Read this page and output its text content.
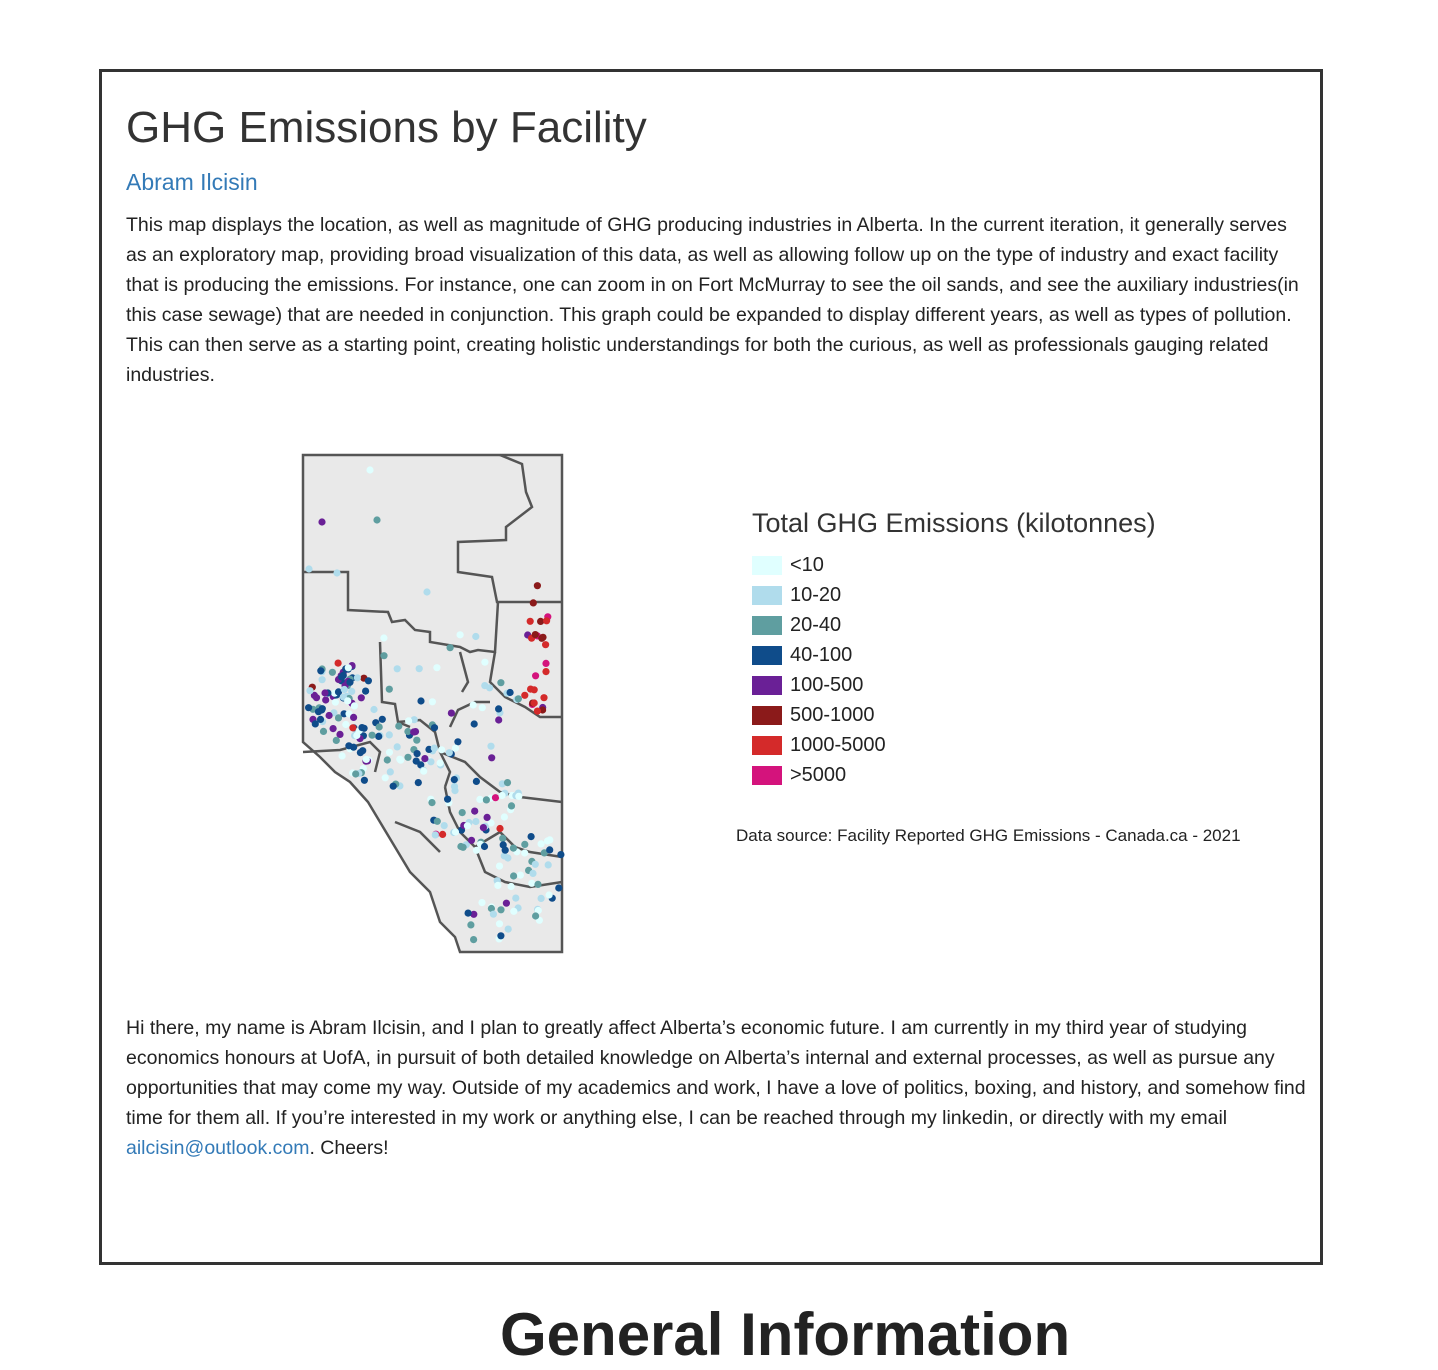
GHG Emissions by Facility
Abram Ilcisin

This map displays the location, as well as magnitude of GHG producing industries in Alberta. In the current iteration, it generally serves as an exploratory map, providing broad visualization of this data, as well as allowing follow up on the type of industry and exact facility that is producing the emissions. For instance, one can zoom in on Fort McMurray to see the oil sands, and see the auxiliary industries(in this case sewage) that are needed in conjunction. This graph could be expanded to display different years, as well as types of pollution. This can then serve as a starting point, creating holistic understandings for both the curious, as well as professionals gauging related industries.

Total GHG Emissions (kilotonnes)
<10
10-20
20-40
40-100
100-500
500-1000
1000-5000
>5000
Data source: Facility Reported GHG Emissions - Canada.ca - 2021

Hi there, my name is Abram Ilcisin, and I plan to greatly affect Alberta’s economic future. I am currently in my third year of studying economics honours at UofA, in pursuit of both detailed knowledge on Alberta’s internal and external processes, as well as pursue any opportunities that may come my way. Outside of my academics and work, I have a love of politics, boxing, and history, and somehow find time for them all. If you’re interested in my work or anything else, I can be reached through my linkedin, or directly with my email ailcisin@outlook.com. Cheers!

General Information
